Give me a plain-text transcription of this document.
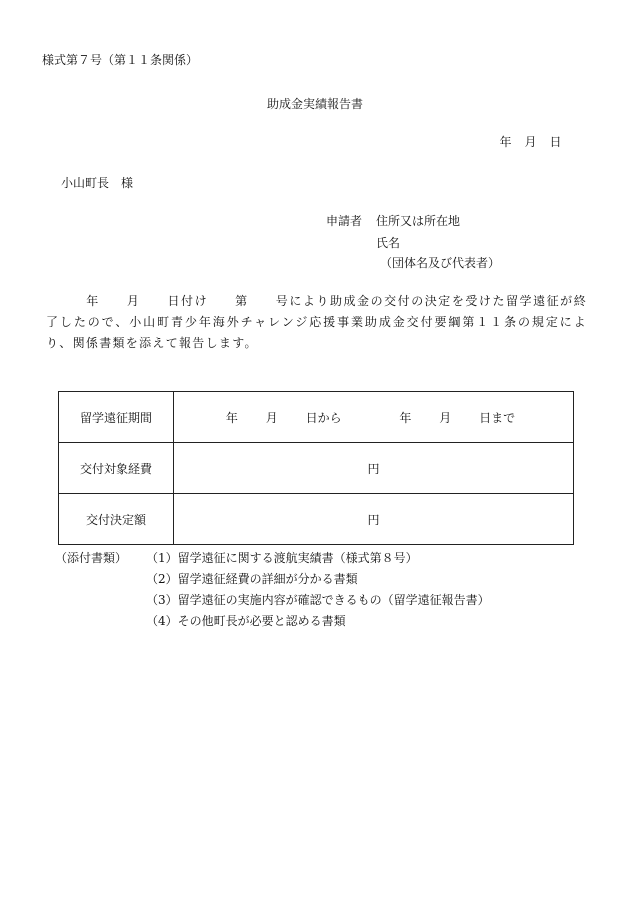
様式第７号（第１１条関係）
助成金実績報告書
年　月　日
小山町長　様
申請者 住所又は所在地
氏名
（団体名及び代表者）
年　　月　　日付け　　第　　号により助成金の交付の決定を受けた留学遠征が終了したので、小山町青少年海外チャレンジ応援事業助成金交付要綱第１１条の規定により、関係書類を添えて報告します。
留学遠征期間	年 月 日から 年 月 日まで
交付対象経費	円
交付決定額	円
（添付書類） （1）留学遠征に関する渡航実績書（様式第８号）
（2）留学遠征経費の詳細が分かる書類
（3）留学遠征の実施内容が確認できるもの（留学遠征報告書）
（4）その他町長が必要と認める書類
